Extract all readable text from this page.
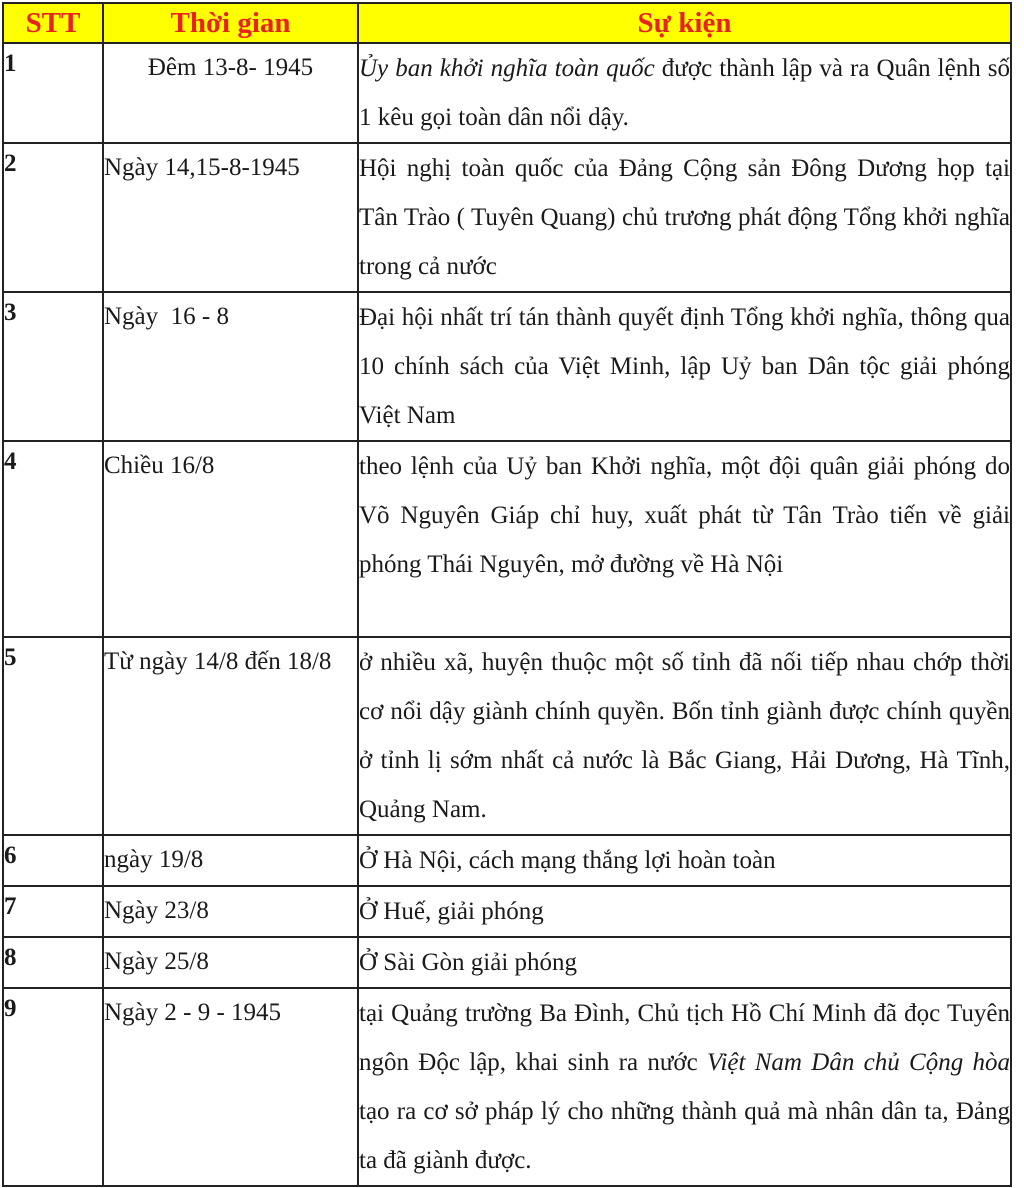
STT	Thời gian	Sự kiện
1	Đêm 13-8- 1945	Ủy ban khởi nghĩa toàn quốc được thành lập và ra Quân lệnh số 1 kêu gọi toàn dân nổi dậy.
2	Ngày 14,15-8-1945	Hội nghị toàn quốc của Đảng Cộng sản Đông Dương họp tại Tân Trào ( Tuyên Quang) chủ trương phát động Tổng khởi nghĩa trong cả nước
3	Ngày  16 - 8	Đại hội nhất trí tán thành quyết định Tổng khởi nghĩa, thông qua 10 chính sách của Việt Minh, lập Uỷ ban Dân tộc giải phóng Việt Nam
4	Chiều 16/8	theo lệnh của Uỷ ban Khởi nghĩa, một đội quân giải phóng do Võ Nguyên Giáp chỉ huy, xuất phát từ Tân Trào tiến về giải phóng Thái Nguyên, mở đường về Hà Nội
5	Từ ngày 14/8 đến 18/8	ở nhiều xã, huyện thuộc một số tỉnh đã nối tiếp nhau chớp thời cơ nổi dậy giành chính quyền. Bốn tỉnh giành được chính quyền ở tỉnh lị sớm nhất cả nước là Bắc Giang, Hải Dương, Hà Tĩnh, Quảng Nam.
6	ngày 19/8	Ở Hà Nội, cách mạng thắng lợi hoàn toàn
7	Ngày 23/8	Ở Huế, giải phóng
8	Ngày 25/8	Ở Sài Gòn giải phóng
9	Ngày 2 - 9 - 1945	tại Quảng trường Ba Đình, Chủ tịch Hồ Chí Minh đã đọc Tuyên ngôn Độc lập, khai sinh ra nước Việt Nam Dân chủ Cộng hòa tạo ra cơ sở pháp lý cho những thành quả mà nhân dân ta, Đảng ta đã giành được.
